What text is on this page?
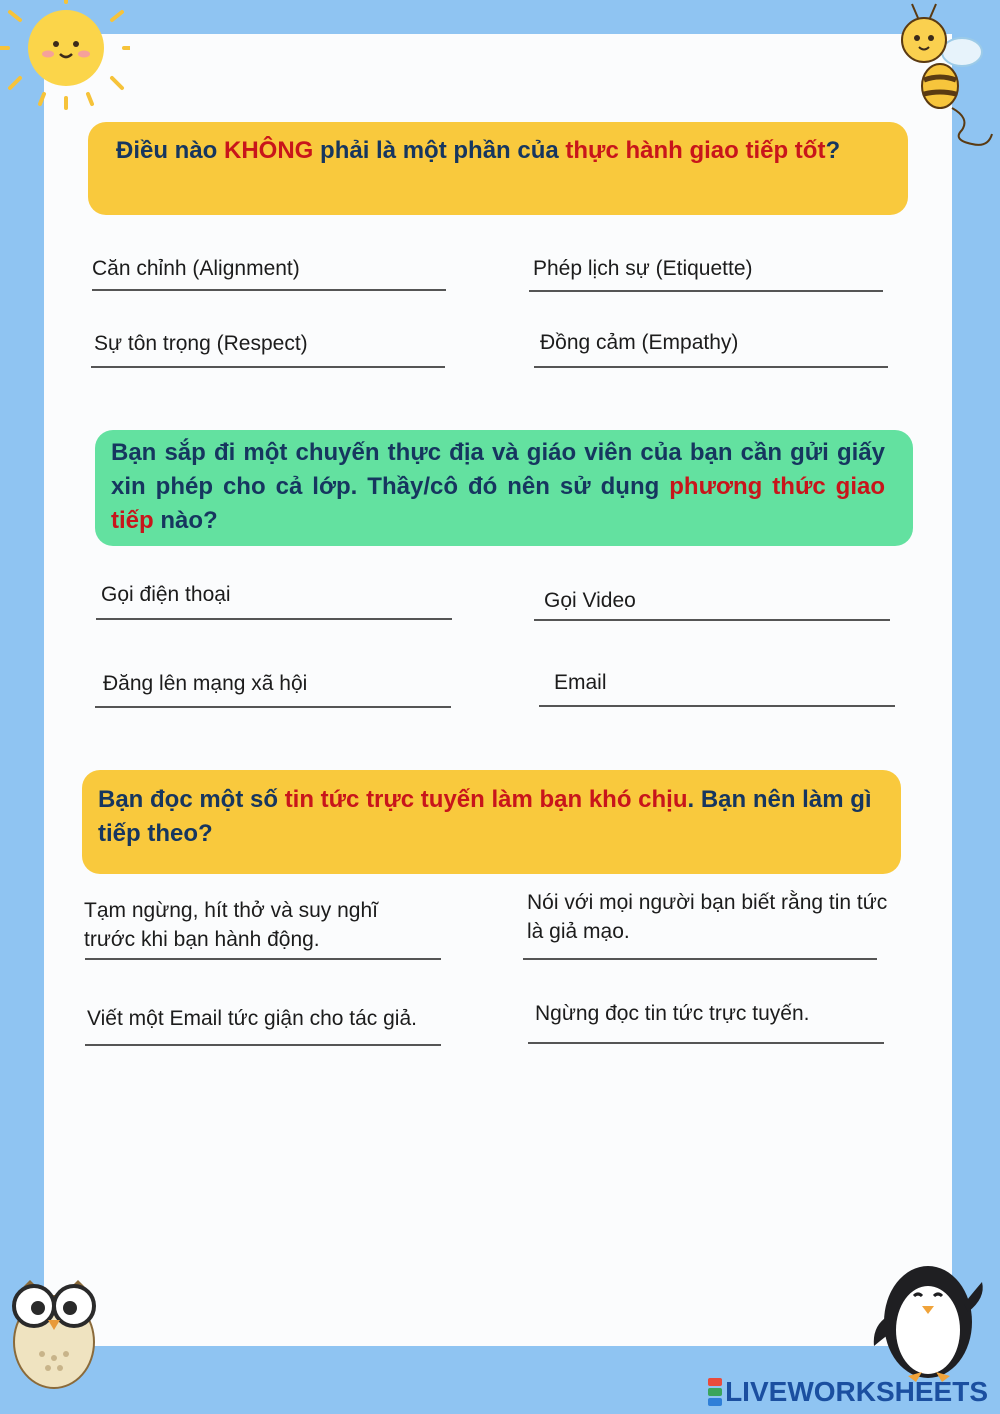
Điều nào KHÔNG phải là một phần của thực hành giao tiếp tốt?
Căn chỉnh (Alignment)	Phép lịch sự (Etiquette)
Sự tôn trọng (Respect)	Đồng cảm (Empathy)
Bạn sắp đi một chuyến thực địa và giáo viên của bạn cần gửi giấy xin phép cho cả lớp. Thầy/cô đó nên sử dụng phương thức giao tiếp nào?
Gọi điện thoại	Gọi Video
Đăng lên mạng xã hội	Email
Bạn đọc một số tin tức trực tuyến làm bạn khó chịu. Bạn nên làm gì tiếp theo?
Tạm ngừng, hít thở và suy nghĩ trước khi bạn hành động.
Nói với mọi người bạn biết rằng tin tức là giả mạo.
Viết một Email tức giận cho tác giả.	Ngừng đọc tin tức trực tuyến.
LIVEWORKSHEETS
